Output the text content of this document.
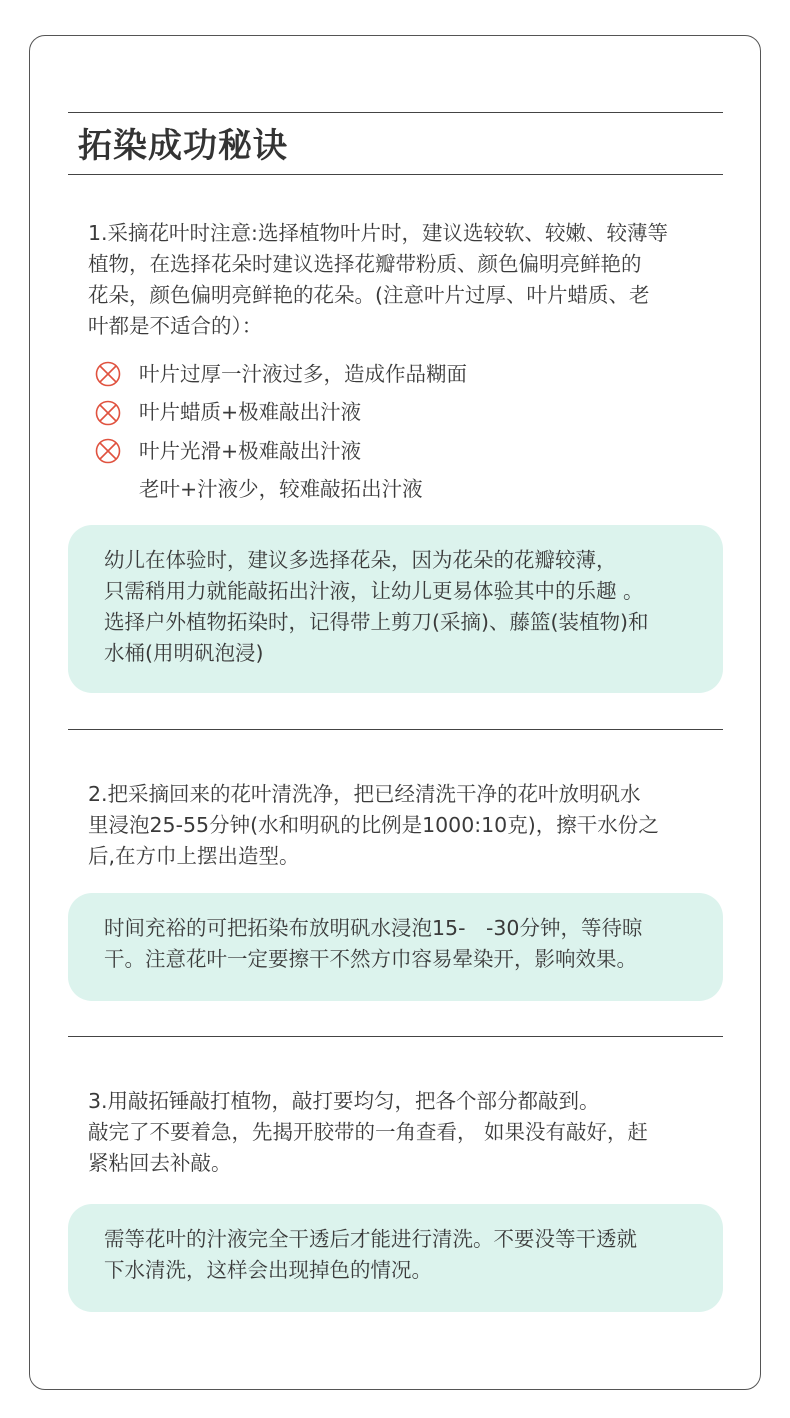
拓染成功秘诀

1.采摘花叶时注意:选择植物叶片时，建议选较软、较嫩、较薄等
植物，在选择花朵时建议选择花瓣带粉质、颜色偏明亮鲜艳的
花朵，颜色偏明亮鲜艳的花朵。(注意叶片过厚、叶片蜡质、老
叶都是不适合的）：

叶片过厚一汁液过多，造成作品糊面
叶片蜡质+极难敲出汁液
叶片光滑+极难敲出汁液
老叶+汁液少，较难敲拓出汁液

幼儿在体验时，建议多选择花朵，因为花朵的花瓣较薄，
只需稍用力就能敲拓出汁液，让幼儿更易体验其中的乐趣 。
选择户外植物拓染时，记得带上剪刀(采摘)、藤篮(装植物)和
水桶(用明矾泡浸)

2.把采摘回来的花叶清洗净，把已经清洗干净的花叶放明矾水
里浸泡25-55分钟(水和明矾的比例是1000:10克)，擦干水份之
后,在方巾上摆出造型。

时间充裕的可把拓染布放明矾水浸泡15-　-30分钟，等待晾
干。注意花叶一定要擦干不然方巾容易晕染开，影响效果。

3.用敲拓锤敲打植物，敲打要均匀，把各个部分都敲到。
敲完了不要着急，先揭开胶带的一角查看， 如果没有敲好，赶
紧粘回去补敲。

需等花叶的汁液完全干透后才能进行清洗。不要没等干透就
下水清洗，这样会出现掉色的情况。
